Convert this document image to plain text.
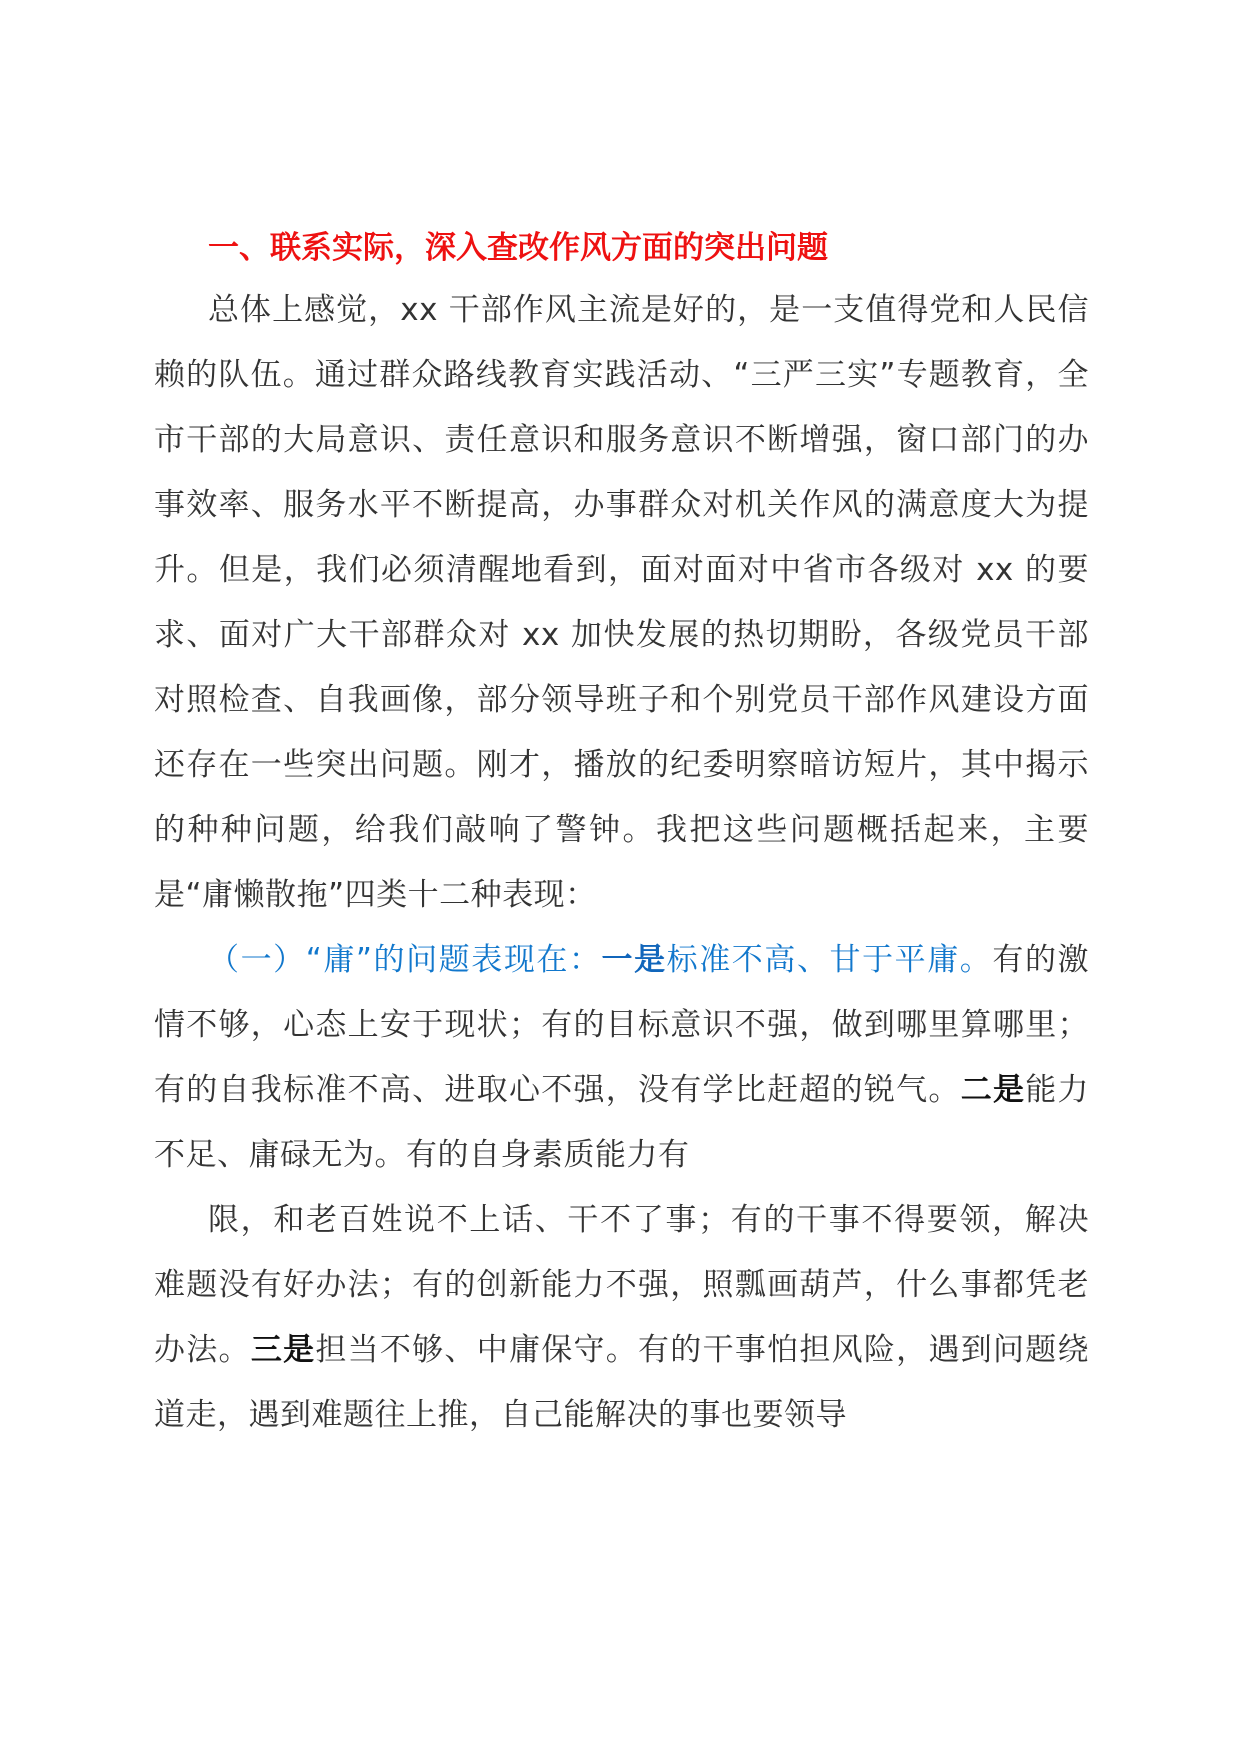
一、联系实际，深入查改作风方面的突出问题

总体上感觉，xx 干部作风主流是好的，是一支值得党和人民信赖的队伍。通过群众路线教育实践活动、“三严三实”专题教育，全市干部的大局意识、责任意识和服务意识不断增强，窗口部门的办事效率、服务水平不断提高，办事群众对机关作风的满意度大为提升。但是，我们必须清醒地看到，面对面对中省市各级对 xx 的要求、面对广大干部群众对 xx 加快发展的热切期盼，各级党员干部对照检查、自我画像，部分领导班子和个别党员干部作风建设方面还存在一些突出问题。刚才，播放的纪委明察暗访短片，其中揭示的种种问题，给我们敲响了警钟。我把这些问题概括起来，主要是“庸懒散拖”四类十二种表现：

（一）“庸”的问题表现在：一是标准不高、甘于平庸。有的激情不够，心态上安于现状；有的目标意识不强，做到哪里算哪里；有的自我标准不高、进取心不强，没有学比赶超的锐气。二是能力不足、庸碌无为。有的自身素质能力有

限，和老百姓说不上话、干不了事；有的干事不得要领，解决难题没有好办法；有的创新能力不强，照瓢画葫芦，什么事都凭老办法。三是担当不够、中庸保守。有的干事怕担风险，遇到问题绕道走，遇到难题往上推，自己能解决的事也要领导
